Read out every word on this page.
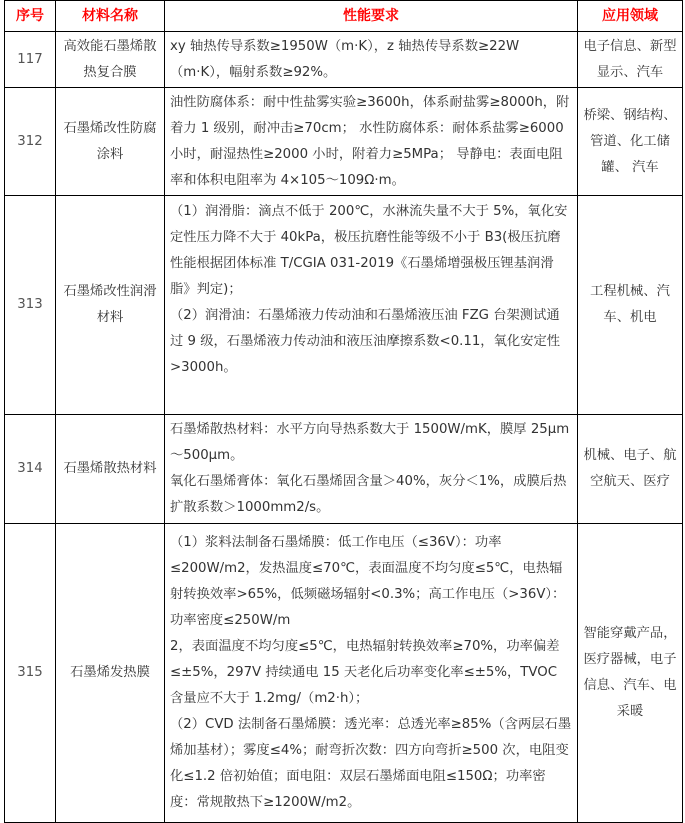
序号	材料名称	性能要求	应用领域
117	高效能石墨烯散热复合膜	xy 轴热传导系数≥1950W（m·K），z 轴热传导系数≥22W（m·K），幅射系数≥92%。	电子信息、新型显示、汽车
312	石墨烯改性防腐涂料	油性防腐体系：耐中性盐雾实验≥3600h，体系耐盐雾≥8000h，附着力 1 级别，耐冲击≥70cm； 水性防腐体系：耐体系盐雾≥6000 小时，耐湿热性≥2000 小时，附着力≥5MPa； 导静电：表面电阻率和体积电阻率为 4×105～109Ω·m。	桥梁、钢结构、管道、化工储罐、 汽车
313	石墨烯改性润滑材料	（1）润滑脂：滴点不低于 200℃，水淋流失量不大于 5%，氧化安定性压力降不大于 40kPa，极压抗磨性能等级不小于 B3(极压抗磨性能根据团体标准 T/CGIA 031-2019《石墨烯增强极压锂基润滑脂》判定)；
（2）润滑油：石墨烯液力传动油和石墨烯液压油 FZG 台架测试通过 9 级，石墨烯液力传动油和液压油摩擦系数<0.11，氧化安定性>3000h。	工程机械、汽车、机电
314	石墨烯散热材料	石墨烯散热材料：水平方向导热系数大于 1500W/mK，膜厚 25μm～500μm。
氧化石墨烯膏体：氧化石墨烯固含量＞40%，灰分＜1%，成膜后热扩散系数＞1000mm2/s。	机械、电子、航空航天、医疗
315	石墨烯发热膜	（1）浆料法制备石墨烯膜：低工作电压（≤36V）：功率≤200W/m2，发热温度≤70℃，表面温度不均匀度≤5℃，电热辐射转换效率>65%，低频磁场辐射<0.3%；高工作电压（>36V）：功率密度≤250W/m
2，表面温度不均匀度≤5℃，电热辐射转换效率≥70%，功率偏差≤±5%，297V 持续通电 15 天老化后功率变化率≤±5%，TVOC 含量应不大于 1.2mg/（m2·h）；
（2）CVD 法制备石墨烯膜：透光率：总透光率≥85%（含两层石墨烯加基材）；雾度≤4%；耐弯折次数：四方向弯折≥500 次，电阻变化≤1.2 倍初始值；面电阻：双层石墨烯面电阻≤150Ω；功率密度：常规散热下≥1200W/m2。	智能穿戴产品，医疗器械，电子 信息、汽车、电采暖
